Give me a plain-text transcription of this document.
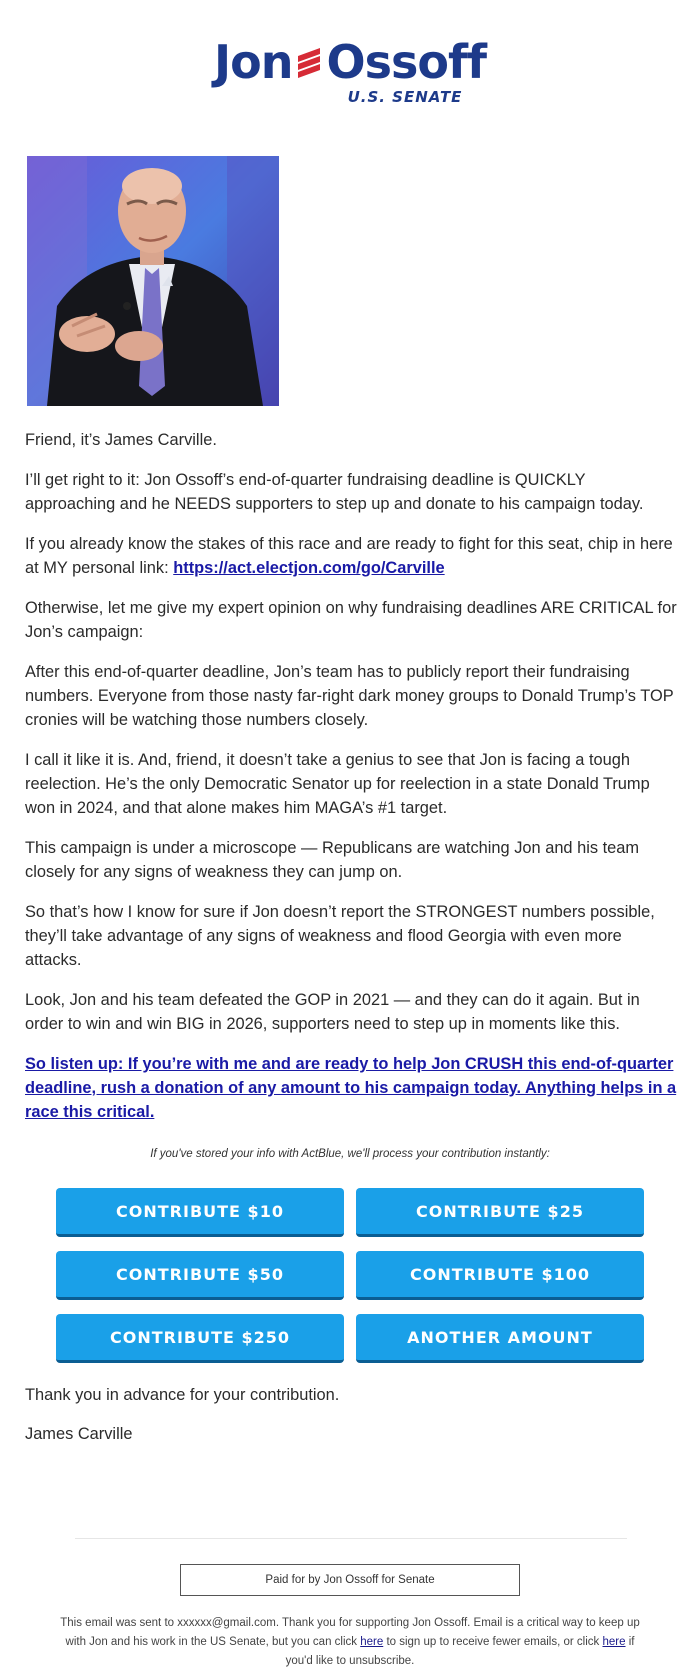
Jon Ossoff
U.S. SENATE

Friend, it’s James Carville.

I’ll get right to it: Jon Ossoff’s end-of-quarter fundraising deadline is QUICKLY approaching and he NEEDS supporters to step up and donate to his campaign today.

If you already know the stakes of this race and are ready to fight for this seat, chip in here at MY personal link: https://act.electjon.com/go/Carville

Otherwise, let me give my expert opinion on why fundraising deadlines ARE CRITICAL for Jon’s campaign:

After this end-of-quarter deadline, Jon’s team has to publicly report their fundraising numbers. Everyone from those nasty far-right dark money groups to Donald Trump’s TOP cronies will be watching those numbers closely.

I call it like it is. And, friend, it doesn’t take a genius to see that Jon is facing a tough reelection. He’s the only Democratic Senator up for reelection in a state Donald Trump won in 2024, and that alone makes him MAGA’s #1 target.

This campaign is under a microscope — Republicans are watching Jon and his team closely for any signs of weakness they can jump on.

So that’s how I know for sure if Jon doesn’t report the STRONGEST numbers possible, they’ll take advantage of any signs of weakness and flood Georgia with even more attacks.

Look, Jon and his team defeated the GOP in 2021 — and they can do it again. But in order to win and win BIG in 2026, supporters need to step up in moments like this.

So listen up: If you’re with me and are ready to help Jon CRUSH this end-of-quarter deadline, rush a donation of any amount to his campaign today. Anything helps in a race this critical.

If you've stored your info with ActBlue, we'll process your contribution instantly:
CONTRIBUTE $10	CONTRIBUTE $25
CONTRIBUTE $50	CONTRIBUTE $100
CONTRIBUTE $250	ANOTHER AMOUNT

Thank you in advance for your contribution.

James Carville

Paid for by Jon Ossoff for Senate
This email was sent to xxxxxx@gmail.com. Thank you for supporting Jon Ossoff. Email is a critical way to keep up with Jon and his work in the US Senate, but you can click here to sign up to receive fewer emails, or click here if you'd like to unsubscribe.
